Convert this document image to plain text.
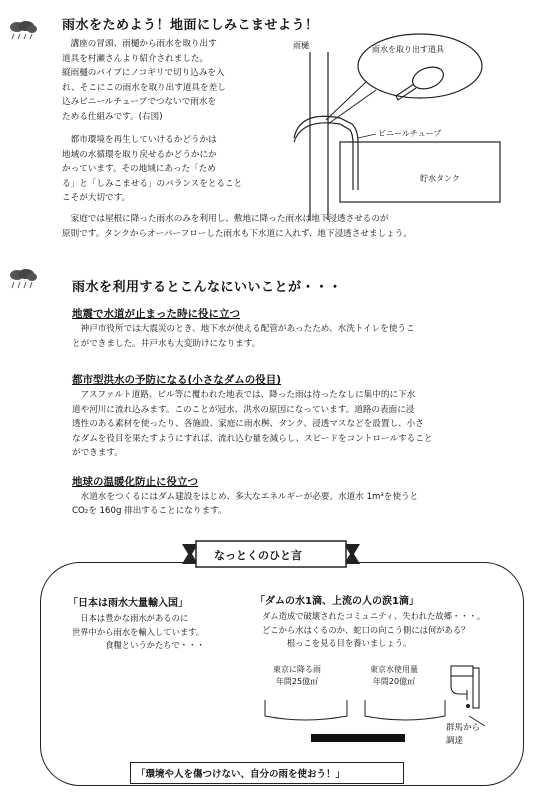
雨水をためよう！地面にしみこませよう！
　講座の冒頭、雨樋から雨水を取り出す
道具を村瀬さんより紹介されました。
縦雨樋のパイプにノコギリで切り込みを入
れ、そこにこの雨水を取り出す道具を差し
込みビニールチューブでつないで雨水を
ためる仕組みです。(右図)
　都市環境を再生していけるかどうかは
地域の水循環を取り戻せるかどうかにか
かっています。その地域にあった「ため
る」と「しみこませる」のバランスをとること
こそが大切です。
　家庭では屋根に降った雨水のみを利用し、敷地に降った雨水は地下浸透させるのが
原則です。タンクからオーバーフローした雨水も下水道に入れず、地下浸透させましょう。
雨樋	雨水を取り出す道具
ビニールチューブ
貯水タンク
雨水を利用するとこんなにいいことが・・・
地震で水道が止まった時に役に立つ
　神戸市役所では大震災のとき、地下水が使える配管があったため、水洗トイレを使うこ
とができました。井戸水も大変助けになります。
都市型洪水の予防になる(小さなダムの役目)
　アスファルト道路、ビル等に覆われた地表では、降った雨は待ったなしに集中的に下水
道や河川に流れ込みます。このことが冠水、洪水の原因になっています。道路の表面に浸
透性のある素材を使ったり、各施設、家庭に雨水桝、タンク、浸透マスなどを設置し、小さ
なダムを役目を果たすようにすれば、流れ込む量を減らし、スピードをコントロールすること
ができます。
地球の温暖化防止に役立つ
　水道水をつくるにはダム建設をはじめ、多大なエネルギーが必要。水道水 1m³を使うと
CO₂を 160g 排出することになります。
なっとくのひと言
「日本は雨水大量輸入国」
　日本は豊かな雨水があるのに
世界中から雨水を輸入しています。
　　　　食糧というかたちで・・・
「ダムの水1滴、上流の人の涙1滴」
ダム造成で破壊されたコミュニティ、失われた故郷・・・。
どこから水はくるのか、蛇口の向こう側には何がある？
　　　根っこを見る目を養いましょう。
東京に降る雨
年間25億㎥
東京水使用量
年間20億㎥
群馬から
調達
「環境や人を傷つけない、自分の雨を使おう！」
